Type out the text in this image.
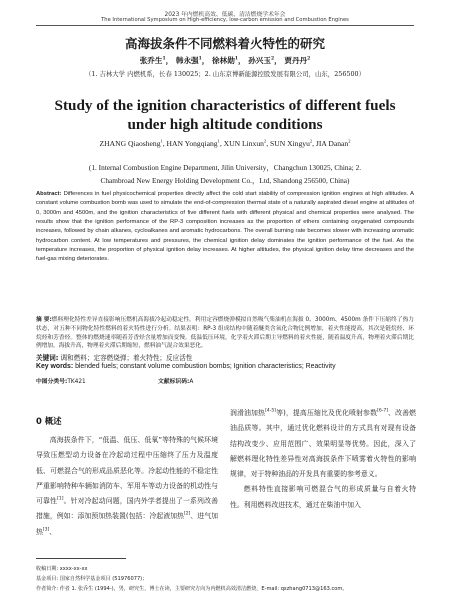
2023 年内燃机高效、低碳、清洁燃烧学术年会
The International Symposium on High-efficiency, low-carbon emission and Combustion Engines
高海拔条件不同燃料着火特性的研究
张乔生$^1$， 韩永强$^1$， 徐林勋$^1$， 孙兴玉$^2$， 贾丹丹$^2$
（1. 吉林大学 内燃机系，长春 130025；2. 山东京博新能源控股发展有限公司，山东，256500）
Study of the ignition characteristics of different fuels
under high altitude conditions
ZHANG Qiaosheng$^1$, HAN Yongqiang$^1$, XUN Linxun$^2$, SUN Xingyu$^2$, JIA Danan$^2$
(1. Internal Combustion Engine Department, Jilin University，Changchun 130025, China; 2.
Chambroad New Energy Holding Development Co.，Ltd, Shandong 256500, China)
Abstract: Differences in fuel physicochemical properties directly affect the cold start stability of compression ignition engines at high altitudes. A constant volume combustion bomb was used to simulate the end-of-compression thermal state of a naturally aspirated diesel engine at altitudes of 0, 3000m and 4500m, and the ignition characteristics of five different fuels with different physical and chemical properties were analysed. The results show that the ignition performance of the RP-3 composition increases as the proportion of ethers containing oxygenated compounds increases, followed by chain alkanes, cycloalkanes and aromatic hydrocarbons. The overall burning rate becomes slower with increasing aromatic hydrocarbon content. At low temperatures and pressures, the chemical ignition delay dominates the ignition performance of the fuel. As the temperature increases, the proportion of physical ignition delay increases. At higher altitudes, the physical ignition delay time decreases and the fuel-gas mixing deteriorates.
摘 要:燃料理化特性差异直接影响压燃机高海拔冷起动稳定性。利用定容燃烧弹模拟自然吸气柴油机在海拔 0、3000m、4500m 条件下压缩终了热力状态，对五种不同物化特性燃料的着火特性进行分析。结果表明：RP-3 组成结构中随着醚类含氧化合物比例增加，着火性能提高，其次是链烷烃、环烷烃和芳香烃。整体的燃烧速率随着芳香烃含量增加而变慢。低温低压环境，化学着火滞后期主导燃料的着火性能，随着温度升高，物理着火滞后期比例增加。海拔升高，物理着火滞后期缩短，燃料油气混合效果恶化。
关键词: 调和燃料；定容燃烧弹；着火特性；反应活性
Key words: blended fuels; constant volume combustion bombs; Ignition characteristics; Reactivity
中图分类号:TK421	文献标识码:A
0 概述

高海拔条件下，“低温、低压、低氧”等特殊的气候环境导致压燃型动力设备在冷起动过程中压缩终了压力及温度低、可燃混合气的形成品质恶化等。冷起动性能的不稳定性严重影响特种车辆如消防车、军用车等动力设备的机动性与可靠性[1]。针对冷起动问题，国内外学者提出了一系列改善措施，例如：添加预加热装置(包括：冷起液加热[2]、进气加热[3]、

润滑油加热[4-5]等)，提高压缩比及优化喷射参数[6-7]、改善燃油品质等。其中，通过优化燃料设计的方式具有对现有设备结构改变少、应用范围广、效果明显等优势。因此，深入了解燃料理化特性差异性对高海拔条件下喷雾着火特性的影响规律，对于特种油品的开发具有重要的参考意义。

燃料特性直接影响可燃混合气的形成质量与自着火特性。利用燃料改进技术，通过在柴油中加入

收稿日期: xxxx-xx-xx
基金项目: 国家自然科学基金项目 (51976077)；
作者简介: 作者 1. 张乔生 (1994-)，男，研究生，博士在读，主要研究方向为内燃机高效清洁燃烧，E-mail: qszhang0713@163.com。
